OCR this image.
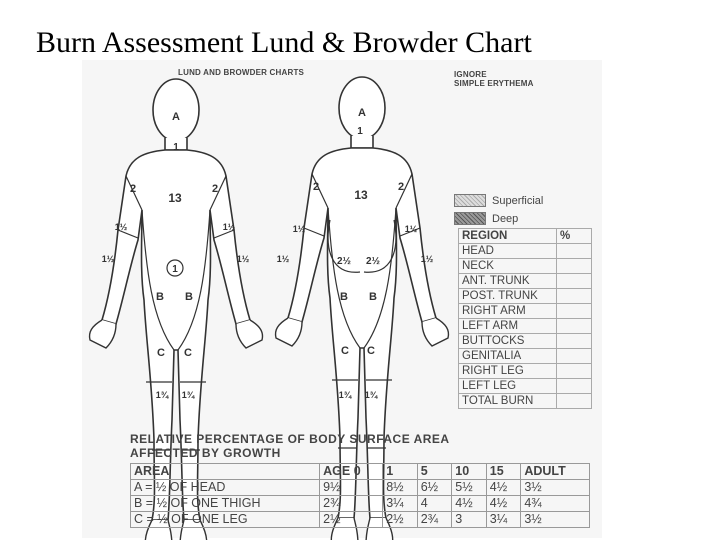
Burn Assessment Lund & Browder Chart
LUND AND BROWDER CHARTS	IGNORE
SIMPLE ERYTHEMA
A
1
2	2
13
1½	1½
1½	1½
1
B B
C C
1¾ 1¾
A
1
2	2
13
1½	1½
1½	1½
2½ 2½
B B
C C
1¾ 1¾
Superficial
Deep
REGION	%
HEAD	
NECK	
ANT. TRUNK	
POST. TRUNK	
RIGHT ARM	
LEFT ARM	
BUTTOCKS	
GENITALIA	
RIGHT LEG	
LEFT LEG	
TOTAL BURN	
RELATIVE PERCENTAGE OF BODY SURFACE AREA
AFFECTED BY GROWTH
AREA	AGE 0	1	5	10	15	ADULT
A = ½ OF HEAD	9½	8½	6½	5½	4½	3½
B = ½ OF ONE THIGH	2¾	3¼	4	4½	4½	4¾
C = ½ OF ONE LEG	2½	2½	2¾	3	3¼	3½
